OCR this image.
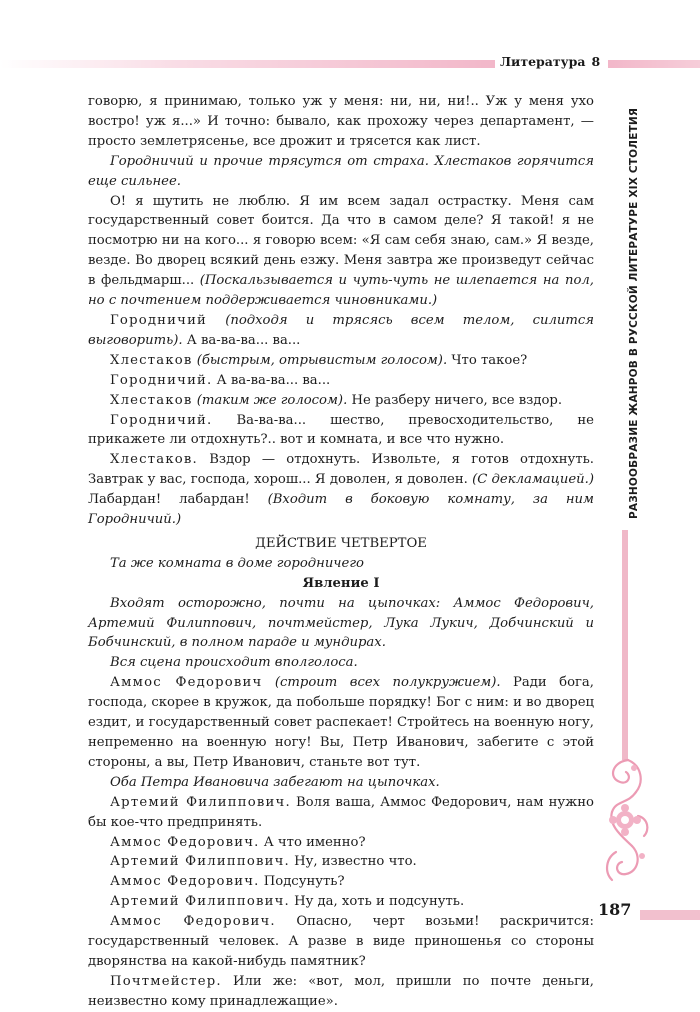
Литература 8
РАЗНООБРАЗИЕ ЖАНРОВ В РУССКОЙ ЛИТЕРАТУРЕ XIX СТОЛЕТИЯ
187

говорю, я принимаю, только уж у меня: ни, ни, ни!.. Уж у меня ухо востро! уж я...» И точно: бывало, как прохожу через департамент, — просто землетрясенье, все дрожит и трясется как лист.

Городничий и прочие трясутся от страха. Хлестаков горячится еще сильнее.

О! я шутить не люблю. Я им всем задал острастку. Меня сам государственный совет боится. Да что в самом деле? Я такой! я не посмотрю ни на кого... я говорю всем: «Я сам себя знаю, сам.» Я везде, везде. Во дворец всякий день езжу. Меня завтра же произведут сейчас в фельдмарш... (Поскальзывается и чуть-чуть не шлепается на пол, но с почтением поддерживается чиновниками.)

Городничий (подходя и трясясь всем телом, силится выговорить). А ва-ва-ва... ва...

Хлестаков (быстрым, отрывистым голосом). Что такое?

Городничий. А ва-ва-ва... ва...

Хлестаков (таким же голосом). Не разберу ничего, все вздор.

Городничий. Ва-ва-ва... шество, превосходительство, не прикажете ли отдохнуть?.. вот и комната, и все что нужно.

Хлестаков. Вздор — отдохнуть. Извольте, я готов отдохнуть. Завтрак у вас, господа, хорош... Я доволен, я доволен. (С декламацией.) Лабардан! лабардан! (Входит в боковую комнату, за ним Городничий.)

ДЕЙСТВИЕ ЧЕТВЕРТОЕ

Та же комната в доме городничего

Явление I

Входят осторожно, почти на цыпочках: Аммос Федорович, Артемий Филиппович, почтмейстер, Лука Лукич, Добчинский и Бобчинский, в полном параде и мундирах.

Вся сцена происходит вполголоса.

Аммос Федорович (строит всех полукружием). Ради бога, господа, скорее в кружок, да побольше порядку! Бог с ним: и во дворец ездит, и государственный совет распекает! Стройтесь на военную ногу, непременно на военную ногу! Вы, Петр Иванович, забегите с этой стороны, а вы, Петр Иванович, станьте вот тут.

Оба Петра Ивановича забегают на цыпочках.

Артемий Филиппович. Воля ваша, Аммос Федорович, нам нужно бы кое-что предпринять.

Аммос Федорович. А что именно?

Артемий Филиппович. Ну, известно что.

Аммос Федорович. Подсунуть?

Артемий Филиппович. Ну да, хоть и подсунуть.

Аммос Федорович. Опасно, черт возьми! раскричится: государственный человек. А разве в виде приношенья со стороны дворянства на какой-нибудь памятник?

Почтмейстер. Или же: «вот, мол, пришли по почте деньги, неизвестно кому принадлежащие».
